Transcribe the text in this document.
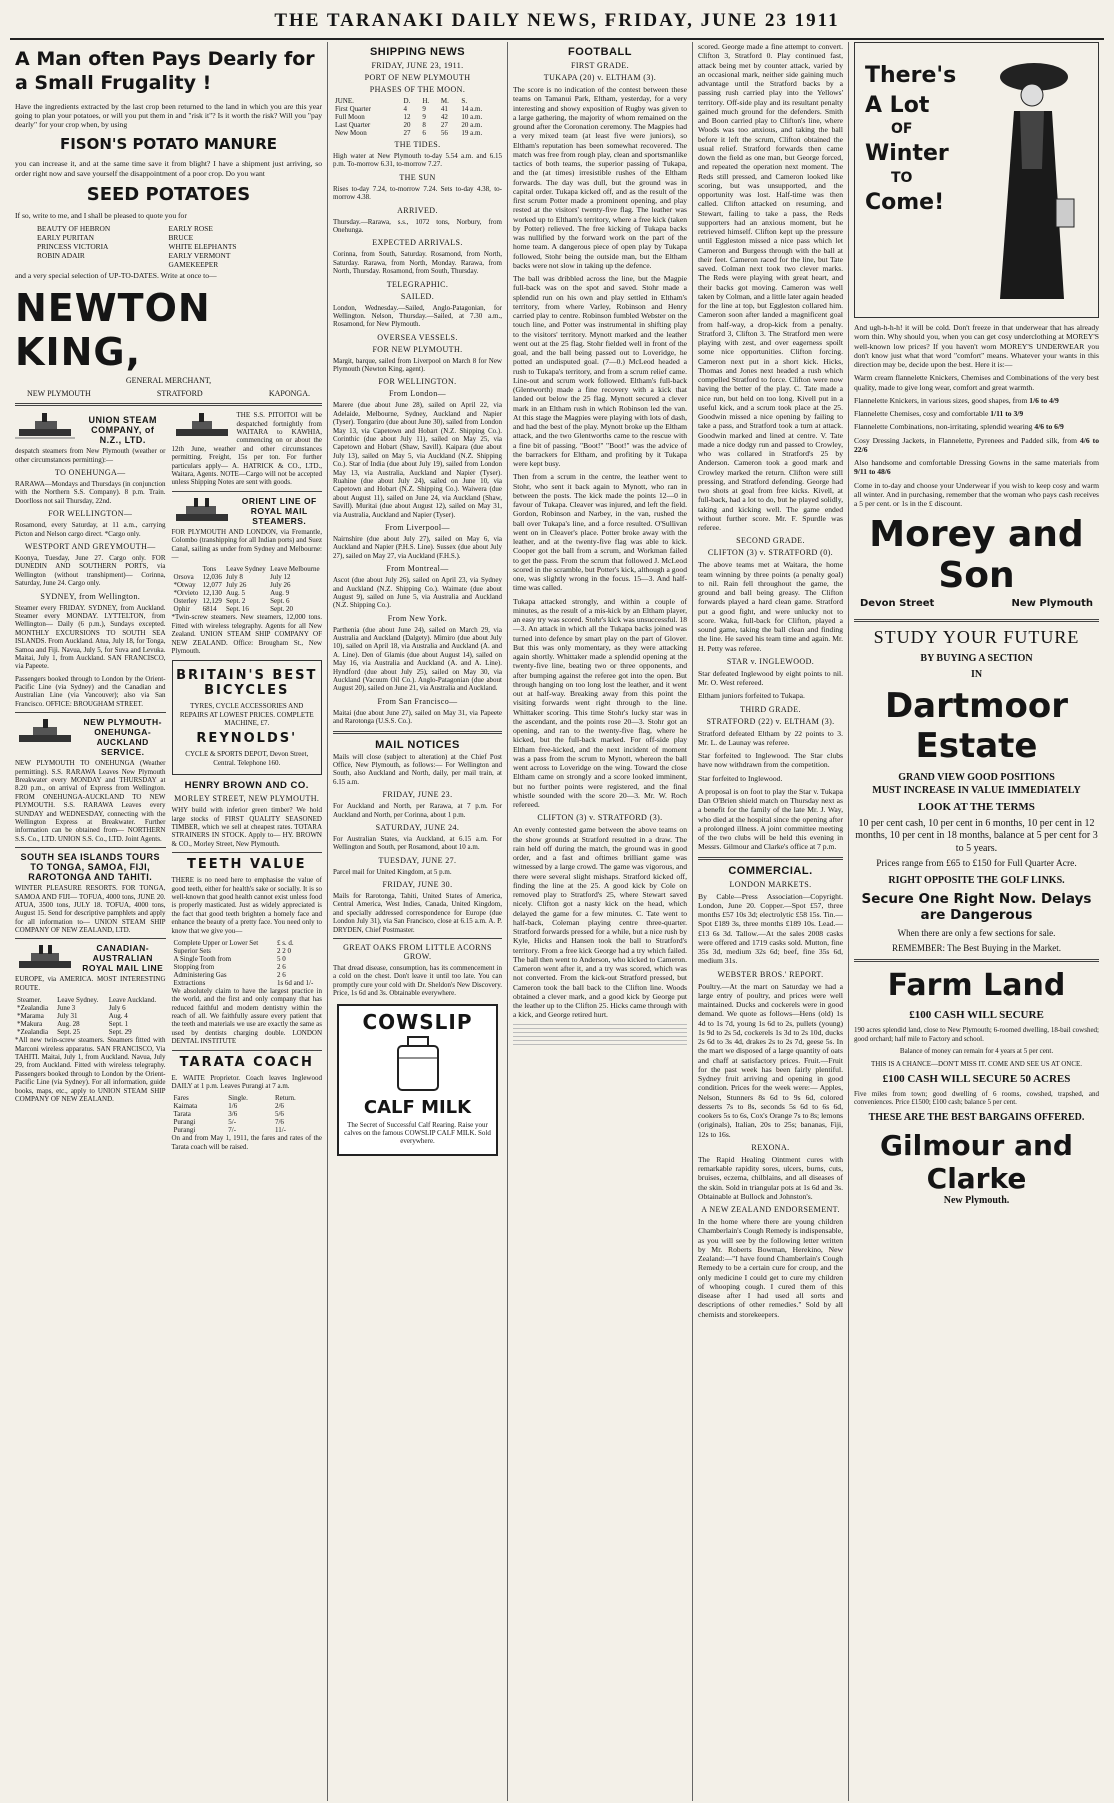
THE TARANAKI DAILY NEWS, FRIDAY, JUNE 23 1911
A Man often Pays Dearly for a Small Frugality !

Have the ingredients extracted by the last crop been returned to the land in which you are this year going to plan your potatoes, or will you put them in and "risk it"? Is it worth the risk? Will you "pay dearly" for your crop when, by using

FISON'S POTATO MANURE

you can increase it, and at the same time save it from blight? I have a shipment just arriving, so order right now and save yourself the disappointment of a poor crop. Do you want

SEED POTATOES

If so, write to me, and I shall be pleased to quote you for

BEAUTY OF HEBRON	EARLY ROSE
EARLY PURITAN	BRUCE
PRINCESS VICTORIA	WHITE ELEPHANTS
ROBIN ADAIR	EARLY VERMONT
GAMEKEEPER

and a very special selection of UP-TO-DATES. Write at once to—

NEWTON KING,
GENERAL MERCHANT,
NEW PLYMOUTH	STRATFORD	KAPONGA.
UNION STEAM COMPANY, of N.Z., LTD.

despatch steamers from New Plymouth (weather or other circumstances permitting):—

TO ONEHUNGA—

RARAWA—Mondays and Thursdays (in conjunction with the Northern S.S. Company). 8 p.m. Train. Doorlloss not sail Thursday, 22nd.

FOR WELLINGTON—

Rosamond, every Saturday, at 11 a.m., carrying Picton and Nelson cargo direct. *Cargo only.

WESTPORT AND GREYMOUTH—

Koonya, Tuesday, June 27. Cargo only. FOR DUNEDIN AND SOUTHERN PORTS, via Wellington (without transhipment)— Corinna, Saturday, June 24. Cargo only.

SYDNEY, from Wellington.

Steamer every FRIDAY. SYDNEY, from Auckland. Steamer every MONDAY. LYTTELTON, from Wellington— Daily (6 p.m.), Sundays excepted. MONTHLY EXCURSIONS TO SOUTH SEA ISLANDS. From Auckland. Atua, July 18, for Tonga, Samoa and Fiji. Navua, July 5, for Suva and Levuka. Maitai, July 1, from Auckland. SAN FRANCISCO, via Papeete.

Passengers booked through to London by the Orient-Pacific Line (via Sydney) and the Canadian and Australian Line (via Vancouver); also via San Francisco. OFFICE: BROUGHAM STREET.

NEW PLYMOUTH-ONEHUNGA-AUCKLAND SERVICE.

NEW PLYMOUTH TO ONEHUNGA (Weather permitting). S.S. RARAWA Leaves New Plymouth Breakwater every MONDAY and THURSDAY at 8.20 p.m., on arrival of Express from Wellington. FROM ONEHUNGA-AUCKLAND TO NEW PLYMOUTH. S.S. RARAWA Leaves every SUNDAY and WEDNESDAY, connecting with the Wellington Express at Breakwater. Further information can be obtained from— NORTHERN S.S. Co., LTD. UNION S.S. Co., LTD. Joint Agents.

SOUTH SEA ISLANDS TOURS TO TONGA, SAMOA, FIJI, RAROTONGA AND TAHITI.

WINTER PLEASURE RESORTS. FOR TONGA, SAMOA AND FIJI— TOFUA, 4000 tons, JUNE 20. ATUA, 3500 tons, JULY 18. TOFUA, 4000 tons, August 15. Send for descriptive pamphlets and apply for all information to— UNION STEAM SHIP COMPANY OF NEW ZEALAND, LTD.

CANADIAN-AUSTRALIAN ROYAL MAIL LINE

EUROPE, via AMERICA. MOST INTERESTING ROUTE.

Steamer.	Leave Sydney.	Leave Auckland.
*Zealandia	June 3	July 6
*Marama	July 31	Aug. 4
*Makura	Aug. 28	Sept. 1
*Zealandia	Sept. 25	Sept. 29

*All new twin-screw steamers. Steamers fitted with Marconi wireless apparatus. SAN FRANCISCO, Via TAHITI. Maitai, July 1, from Auckland. Navua, July 29, from Auckland. Fitted with wireless telegraphy. Passengers booked through to London by the Orient-Pacific Line (via Sydney). For all information, guide books, maps, etc., apply to UNION STEAM SHIP COMPANY OF NEW ZEALAND.

THE S.S. PITOITOI will be despatched fortnightly from WAITARA to KAWHIA, commencing on or about the 12th June, weather and other circumstances permitting. Freight, 15s per ton. For further particulars apply— A. HATRICK & CO., LTD., Waitara, Agents. NOTE—Cargo will not be accepted unless Shipping Notes are sent with goods.

ORIENT LINE OF ROYAL MAIL STEAMERS.

FOR PLYMOUTH AND LONDON, via Fremantle, Colombo (transhipping for all Indian ports) and Suez Canal, sailing as under from Sydney and Melbourne:—

	Tons	Leave Sydney	Leave Melbourne
Orsova	12,036	July 8	July 12
*Otway	12,077	July 26	July 26
*Orvieto	12,130	Aug. 5	Aug. 9
Osterley	12,129	Sept. 2	Sept. 6
Ophir	6814	Sept. 16	Sept. 20

*Twin-screw steamers. New steamers, 12,000 tons. Fitted with wireless telegraphy. Agents for all New Zealand. UNION STEAM SHIP COMPANY OF NEW ZEALAND. Office: Brougham St., New Plymouth.

BRITAIN'S BEST BICYCLES

TYRES, CYCLE ACCESSORIES AND REPAIRS AT LOWEST PRICES. COMPLETE MACHINE, £7.

REYNOLDS'

CYCLE & SPORTS DEPOT, Devon Street, Central. Telephone 160.

HENRY BROWN AND CO.
MORLEY STREET, NEW PLYMOUTH.

WHY build with inferior green timber? We hold large stocks of FIRST QUALITY SEASONED TIMBER, which we sell at cheapest rates. TOTARA STRAINERS IN STOCK. Apply to— HY. BROWN & CO., Morley Street, New Plymouth.

TEETH VALUE

THERE is no need here to emphasise the value of good teeth, either for health's sake or socially. It is so well-known that good health cannot exist unless food is properly masticated. Just as widely appreciated is the fact that good teeth brighten a homely face and enhance the beauty of a pretty face. You need only to know that we give you—

Complete Upper or Lower Set	£ s. d.
Superior Sets	2 2 0
A Single Tooth from	5 0
Stopping from	2 6
Administering Gas	2 6
Extractions	1s 6d and 1/-

We absolutely claim to have the largest practice in the world, and the first and only company that has reduced faithful and modern dentistry within the reach of all. We faithfully assure every patient that the teeth and materials we use are exactly the same as used by dentists charging double. LONDON DENTAL INSTITUTE

TARATA COACH

E. WAITE Proprietor. Coach leaves Inglewood DAILY at 1 p.m. Leaves Purangi at 7 a.m.

Fares	Single.	Return.
Kaimata	1/6	2/6
Tarata	3/6	5/6
Purangi	5/-	7/6
Purangi	7/-	11/-

On and from May 1, 1911, the fares and rates of the Tarata coach will be raised.

SHIPPING NEWS
FRIDAY, JUNE 23, 1911.
PORT OF NEW PLYMOUTH
PHASES OF THE MOON.
JUNE.	D.	H.	M.	S.
First Quarter	4	9	41	14 a.m.
Full Moon	12	9	42	10 a.m.
Last Quarter	20	8	27	20 a.m.
New Moon	27	6	56	19 a.m.
THE TIDES.

High water at New Plymouth to-day 5.54 a.m. and 6.15 p.m. To-morrow 6.31, to-morrow 7.27.

THE SUN

Rises to-day 7.24, to-morrow 7.24. Sets to-day 4.38, to-morrow 4.38.

ARRIVED.

Thursday.—Rarawa, s.s., 1072 tons, Norbury, from Onehunga.

EXPECTED ARRIVALS.

Corinna, from South, Saturday. Rosamond, from North, Saturday. Rarawa, from North, Monday. Rarawa, from North, Thursday. Rosamond, from South, Thursday.

TELEGRAPHIC.
SAILED.

London, Wednesday.—Sailed, Anglo-Patagonian, for Wellington. Nelson, Thursday.—Sailed, at 7.30 a.m., Rosamond, for New Plymouth.

OVERSEA VESSELS.
FOR NEW PLYMOUTH.

Margit, barque, sailed from Liverpool on March 8 for New Plymouth (Newton King, agent).

FOR WELLINGTON.
From London—

Marere (due about June 28), sailed on April 22, via Adelaide, Melbourne, Sydney, Auckland and Napier (Tyser). Tongariro (due about June 30), sailed from London May 13, via Capetown and Hobart (N.Z. Shipping Co.). Corinthic (due about July 11), sailed on May 25, via Capetown and Hobart (Shaw, Savill). Kaipara (due about July 13), sailed on May 5, via Auckland (N.Z. Shipping Co.). Star of India (due about July 19), sailed from London May 13, via Australia, Auckland and Napier (Tyser). Ruahine (due about July 24), sailed on June 10, via Capetown and Hobart (N.Z. Shipping Co.). Waiwera (due about August 11), sailed on June 24, via Auckland (Shaw, Savill). Muritai (due about August 12), sailed on May 31, via Australia, Auckland and Napier (Tyser).

From Liverpool—

Nairnshire (due about July 27), sailed on May 6, via Auckland and Napier (P.H.S. Line). Sussex (due about July 27), sailed on May 27, via Auckland (F.H.S.).

From Montreal—

Ascot (due about July 26), sailed on April 23, via Sydney and Auckland (N.Z. Shipping Co.). Waimate (due about August 9), sailed on June 5, via Australia and Auckland (N.Z. Shipping Co.).

From New York.

Parthenia (due about June 24), sailed on March 29, via Australia and Auckland (Dalgety). Mimiro (due about July 10), sailed on April 18, via Australia and Auckland (A. and A. Line). Den of Glamis (due about August 14), sailed on May 16, via Australia and Auckland (A. and A. Line). Hyndford (due about July 25), sailed on May 30, via Auckland (Vacuum Oil Co.). Anglo-Patagonian (due about August 20), sailed on June 21, via Australia and Auckland.

From San Francisco—

Maitai (due about June 27), sailed on May 31, via Papeete and Rarotonga (U.S.S. Co.).

MAIL NOTICES

Mails will close (subject to alteration) at the Chief Post Office, New Plymouth, as follows:— For Wellington and South, also Auckland and North, daily, per mail train, at 6.15 a.m.

FRIDAY, JUNE 23.

For Auckland and North, per Rarawa, at 7 p.m. For Auckland and North, per Corinna, about 1 p.m.

SATURDAY, JUNE 24.

For Australian States, via Auckland, at 6.15 a.m. For Wellington and South, per Rosamond, about 10 a.m.

TUESDAY, JUNE 27.

Parcel mail for United Kingdom, at 5 p.m.

FRIDAY, JUNE 30.

Mails for Rarotonga, Tahiti, United States of America, Central America, West Indies, Canada, United Kingdom, and specially addressed correspondence for Europe (due London July 31), via San Francisco, close at 6.15 a.m. A. P. DRYDEN, Chief Postmaster.

GREAT OAKS FROM LITTLE ACORNS GROW.

That dread disease, consumption, has its commencement in a cold on the chest. Don't leave it until too late. You can promptly cure your cold with Dr. Sheldon's New Discovery. Price, 1s 6d and 3s. Obtainable everywhere.

COWSLIP
CALF MILK

The Secret of Successful Calf Rearing. Raise your calves on the famous COWSLIP CALF MILK. Sold everywhere.

FOOTBALL
FIRST GRADE.
TUKAPA (20) v. ELTHAM (3).

The score is no indication of the contest between these teams on Tamanui Park, Eltham, yesterday, for a very interesting and showy exposition of Rugby was given to a large gathering, the majority of whom remained on the ground after the Coronation ceremony. The Magpies had a very mixed team (at least five were juniors), so Eltham's reputation has been somewhat recovered. The match was free from rough play, clean and sportsmanlike tactics of both teams, the superior passing of Tukapa, and the (at times) irresistible rushes of the Eltham forwards. The day was dull, but the ground was in capital order. Tukapa kicked off, and as the result of the first scrum Potter made a prominent opening, and play rested at the visitors' twenty-five flag. The leather was worked up to Eltham's territory, where a free kick (taken by Potter) relieved. The free kicking of Tukapa backs was nullified by the forward work on the part of the home team. A dangerous piece of open play by Tukapa followed, Stohr being the outside man, but the Eltham backs were not slow in taking up the defence.

The ball was dribbled across the line, but the Magpie full-back was on the spot and saved. Stohr made a splendid run on his own and play settled in Eltham's territory, from where Varley, Robinson and Henry carried play to centre. Robinson fumbled Webster on the touch line, and Potter was instrumental in shifting play to the visitors' territory. Mynott marked and the leather went out at the 25 flag. Stohr fielded well in front of the goal, and the ball being passed out to Loveridge, he potted an undisputed goal. (7—0.) McLeod headed a rush to Tukapa's territory, and from a scrum relief came. Line-out and scrum work followed. Eltham's full-back (Glentworth) made a fine recovery with a kick that landed out below the 25 flag. Mynott secured a clever mark in an Eltham rush in which Robinson led the van. At this stage the Magpies were playing with lots of dash, and had the best of the play. Mynott broke up the Eltham attack, and the two Glentworths came to the rescue with a fine bit of passing. "Boot!" "Boot!" was the advice of the barrackers for Eltham, and profiting by it Tukapa were kept busy.

Then from a scrum in the centre, the leather went to Stohr, who sent it back again to Mynott, who ran in between the posts. The kick made the points 12—0 in favour of Tukapa. Cleaver was injured, and left the field. Gordon, Robinson and Narbey, in the van, rushed the ball over Tukapa's line, and a force resulted. O'Sullivan went on in Cleaver's place. Potter broke away with the leather, and at the twenty-five flag was able to kick. Cooper got the ball from a scrum, and Workman failed to get the pass. From the scrum that followed J. McLeod scored in the scramble, but Potter's kick, although a good one, was slightly wrong in the focus. 15—3. And half-time was called.

Tukapa attacked strongly, and within a couple of minutes, as the result of a mis-kick by an Eltham player, an easy try was scored. Stohr's kick was unsuccessful. 18—3. An attack in which all the Tukapa backs joined was turned into defence by smart play on the part of Glover. But this was only momentary, as they were attacking again shortly. Whittaker made a splendid opening at the twenty-five line, beating two or three opponents, and after bumping against the referee got into the open. But through hanging on too long lost the leather, and it went out at half-way. Breaking away from this point the visiting forwards went right through to the line. Whittaker scoring. This time Stohr's lucky star was in the ascendant, and the points rose 20—3. Stohr got an opening, and ran to the twenty-five flag, where he kicked, but the full-back marked. For off-side play Eltham free-kicked, and the next incident of moment was a pass from the scrum to Mynott, whereon the ball went across to Loveridge on the wing. Toward the close Eltham came on strongly and a score looked imminent, but no further points were registered, and the final whistle sounded with the score 20—3. Mr. W. Roch refereed.

CLIFTON (3) v. STRATFORD (3).

An evenly contested game between the above teams on the show grounds at Stratford resulted in a draw. The rain held off during the match, the ground was in good order, and a fast and oftimes brilliant game was witnessed by a large crowd. The game was vigorous, and there were several slight mishaps. Stratford kicked off, finding the line at the 25. A good kick by Cole on removed play to Stratford's 25, where Stewart saved nicely. Clifton got a nasty kick on the head, which delayed the game for a few minutes. C. Tate went to half-back, Coleman playing centre three-quarter. Stratford forwards pressed for a while, but a nice rush by Kyle, Hicks and Hansen took the ball to Stratford's territory. From a free kick George had a try which failed. The ball then went to Anderson, who kicked to Cameron. Cameron went after it, and a try was scored, which was not converted. From the kick-out Stratford pressed, but Cameron took the ball back to the Clifton line. Woods obtained a clever mark, and a good kick by George put the leather up to the Clifton 25. Hicks came through with a kick, and George retired hurt.

scored. George made a fine attempt to convert. Clifton 3, Stratford 0. Play continued fast, attack being met by counter attack, varied by an occasional mark, neither side gaining much advantage until the Stratford backs by a passing rush carried play into the Yellows' territory. Off-side play and its resultant penalty gained much ground for the defenders. Smith and Boon carried play to Clifton's line, where Woods was too anxious, and taking the ball before it left the scrum, Clifton obtained the usual relief. Stratford forwards then came down the field as one man, but George forced, and repeated the operation next moment. The Reds still pressed, and Cameron looked like scoring, but was unsupported, and the opportunity was lost. Half-time was then called. Clifton attacked on resuming, and Stewart, failing to take a pass, the Reds supporters had an anxious moment, but he retrieved himself. Clifton kept up the pressure until Eggleston missed a nice pass which let Cameron and Burgess through with the ball at their feet. Cameron raced for the line, but Tate saved. Colman next took two clever marks. The Reds were playing with great heart, and their backs got moving. Cameron was well taken by Colman, and a little later again headed for the line at top, but Eggleston collared him. Cameron soon after landed a magnificent goal from half-way, a drop-kick from a penalty. Stratford 3, Clifton 3. The Stratford men were playing with zest, and over eagerness spoilt some nice opportunities. Clifton forcing. Cameron next put in a short kick. Hicks, Thomas and Jones next headed a rush which compelled Stratford to force. Clifton were now having the better of the play. C. Tate made a nice run, but held on too long. Kivell put in a useful kick, and a scrum took place at the 25. Goodwin missed a nice opening by failing to take a pass, and Stratford took a turn at attack. Goodwin marked and lined at centre. V. Tate made a nice dodgy run and passed to Crowley, who was collared in Stratford's 25 by Anderson. Cameron took a good mark and Crowley marked the return. Clifton were still pressing, and Stratford defending. George had two shots at goal from free kicks. Kivell, at full-back, had a lot to do, but he played solidly, taking and kicking well. The game ended without further score. Mr. F. Spurdle was referee.

SECOND GRADE.
CLIFTON (3) v. STRATFORD (0).

The above teams met at Waitara, the home team winning by three points (a penalty goal) to nil. Rain fell throughout the game, the ground and ball being greasy. The Clifton forwards played a hard clean game. Stratford put a good fight, and were unlucky not to score. Waka, full-back for Clifton, played a sound game, taking the ball clean and finding the line. He saved his team time and again. Mr. H. Petty was referee.

STAR v. INGLEWOOD.

Star defeated Inglewood by eight points to nil. Mr. O. West refereed.

Eltham juniors forfeited to Tukapa.

THIRD GRADE.
STRATFORD (22) v. ELTHAM (3).

Stratford defeated Eltham by 22 points to 3. Mr. L. de Launay was referee.

Star forfeited to Inglewood. The Star clubs have now withdrawn from the competition.

Star forfeited to Inglewood.

A proposal is on foot to play the Star v. Tukapa Dan O'Brien shield match on Thursday next as a benefit for the family of the late Mr. J. Way, who died at the hospital since the opening after a prolonged illness. A joint committee meeting of the two clubs will be held this evening in Messrs. Gilmour and Clarke's office at 7 p.m.

COMMERCIAL.
LONDON MARKETS.

By Cable—Press Association—Copyright. London, June 20. Copper.—Spot £57, three months £57 10s 3d; electrolytic £58 15s. Tin.—Spot £189 3s, three months £189 10s. Lead.—£13 6s 3d. Tallow.—At the sales 2008 casks were offered and 1719 casks sold. Mutton, fine 35s 3d, medium 32s 6d; beef, fine 35s 6d, medium 31s.

WEBSTER BROS.' REPORT.

Poultry.—At the mart on Saturday we had a large entry of poultry, and prices were well maintained. Ducks and cockerels were in good demand. We quote as follows—Hens (old) 1s 4d to 1s 7d, young 1s 6d to 2s, pullets (young) 1s 9d to 2s 5d, cockerels 1s 3d to 2s 10d, ducks 2s 6d to 3s 4d, drakes 2s to 2s 7d, geese 5s. In the mart we disposed of a large quantity of oats and chaff at satisfactory prices. Fruit.—Fruit for the past week has been fairly plentiful. Sydney fruit arriving and opening in good condition. Prices for the week were:— Apples, Nelson, Stunners 8s 6d to 9s 6d, colored desserts 7s to 8s, seconds 5s 6d to 6s 6d, cookers 5s to 6s, Cox's Orange 7s to 8s; lemons (originals), Italian, 20s to 25s; bananas, Fiji, 12s to 16s.

REXONA.

The Rapid Healing Ointment cures with remarkable rapidity sores, ulcers, burns, cuts, bruises, eczema, chilblains, and all diseases of the skin. Sold in triangular pots at 1s 6d and 3s. Obtainable at Bullock and Johnston's.

A NEW ZEALAND ENDORSEMENT.

In the home where there are young children Chamberlain's Cough Remedy is indispensable, as you will see by the following letter written by Mr. Roberts Bowman, Herekino, New Zealand:—"I have found Chamberlain's Cough Remedy to be a certain cure for croup, and the only medicine I could get to cure my children of whooping cough. I cured them of this disease after I had used all sorts and descriptions of other remedies." Sold by all chemists and storekeepers.

There's
A Lot
OF
Winter
TO
Come!

And ugh-h-h-h! it will be cold. Don't freeze in that underwear that has already worn thin. Why should you, when you can get cosy underclothing at MOREY'S well-known low prices? If you haven't worn MOREY'S UNDERWEAR you don't know just what that word "comfort" means. Whatever your wants in this direction may be, decide upon the best. Here it is:—

Warm cream flannelette Knickers, Chemises and Combinations of the very best quality, made to give long wear, comfort and great warmth.

Flannelette Knickers, in various sizes, good shapes, from 1/6 to 4/9

Flannelette Chemises, cosy and comfortable 1/11 to 3/9

Flannelette Combinations, non-irritating, splendid wearing 4/6 to 6/9

Cosy Dressing Jackets, in Flannelette, Pyrenees and Padded silk, from 4/6 to 22/6

Also handsome and comfortable Dressing Gowns in the same materials from 9/11 to 48/6

Come in to-day and choose your Underwear if you wish to keep cosy and warm all winter. And in purchasing, remember that the woman who pays cash receives a 5 per cent. or 1s in the £ discount.

Morey and Son
Devon Street	New Plymouth
STUDY YOUR FUTURE
BY BUYING A SECTION
IN
Dartmoor Estate
GRAND VIEW GOOD POSITIONS
MUST INCREASE IN VALUE IMMEDIATELY
LOOK AT THE TERMS

10 per cent cash, 10 per cent in 6 months, 10 per cent in 12 months, 10 per cent in 18 months, balance at 5 per cent for 3 to 5 years.

Prices range from £65 to £150 for Full Quarter Acre.

RIGHT OPPOSITE THE GOLF LINKS.
Secure One Right Now. Delays are Dangerous

When there are only a few sections for sale.

REMEMBER: The Best Buying in the Market.

Farm Land
£100 CASH WILL SECURE

190 acres splendid land, close to New Plymouth; 6-roomed dwelling, 18-bail cowshed; good orchard; half mile to Factory and school.

Balance of money can remain for 4 years at 5 per cent.

THIS IS A CHANCE—DON'T MISS IT. COME AND SEE US AT ONCE.

£100 CASH WILL SECURE 50 ACRES

Five miles from town; good dwelling of 6 rooms, cowshed, trapshed, and conveniences. Price £1500; £100 cash; balance 5 per cent.

THESE ARE THE BEST BARGAINS OFFERED.
Gilmour and Clarke
New Plymouth.
